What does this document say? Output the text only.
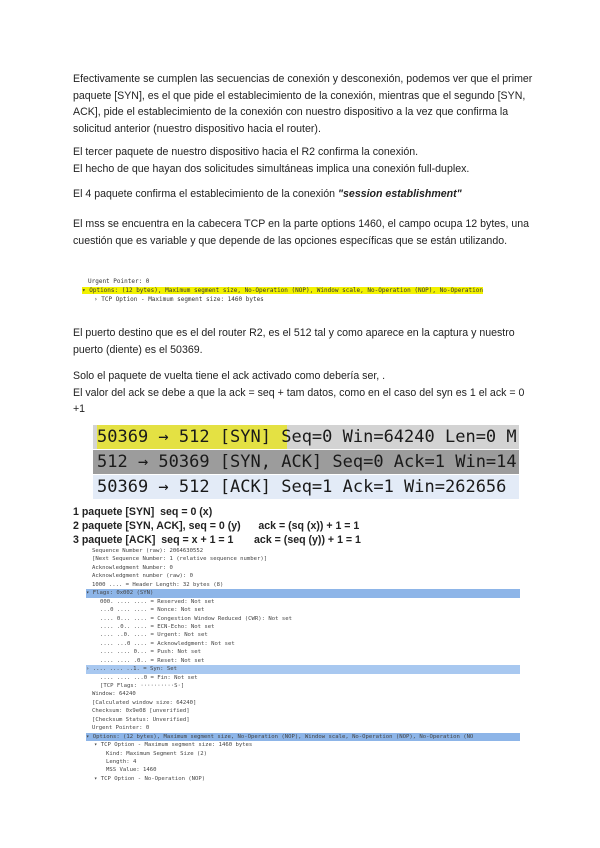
Efectivamente se cumplen las secuencias de conexión y desconexión, podemos ver que el primer paquete [SYN], es el que pide el establecimiento de la conexión, mientras que el segundo [SYN, ACK], pide el establecimiento de la conexión con nuestro dispositivo a la vez que confirma la solicitud anterior (nuestro dispositivo hacia el router).
El tercer paquete de nuestro dispositivo hacia el R2 confirma la conexión.
El hecho de que hayan dos solicitudes simultáneas implica una conexión full-duplex.
El 4 paquete confirma el establecimiento de la conexión "session establishment"
El mss se encuentra en la cabecera TCP en la parte options 1460, el campo ocupa 12 bytes, una cuestión que es variable y que depende de las opciones específicas que se están utilizando.
Urgent Pointer: 0
▾ Options: (12 bytes), Maximum segment size, No-Operation (NOP), Window scale, No-Operation (NOP), No-Operation
› TCP Option - Maximum segment size: 1460 bytes
El puerto destino que es el del router R2, es el 512 tal y como aparece en la captura y nuestro puerto (diente) es el 50369.
Solo el paquete de vuelta tiene el ack activado como debería ser, .
El valor del ack se debe a que la ack = seq + tam datos, como en el caso del syn es 1 el ack = 0 +1
50369 → 512 [SYN] Seq=0 Win=64240 Len=0 M
512 → 50369 [SYN, ACK] Seq=0 Ack=1 Win=14
50369 → 512 [ACK] Seq=1 Ack=1 Win=262656
1 paquete [SYN]  seq = 0 (x)
2 paquete [SYN, ACK], seq = 0 (y)      ack = (sq (x)) + 1 = 1
3 paquete [ACK]  seq = x + 1 = 1       ack = (seq (y)) + 1 = 1
Sequence Number (raw): 2064630552
[Next Sequence Number: 1 (relative sequence number)]
Acknowledgment Number: 0
Acknowledgment number (raw): 0
1000 .... = Header Length: 32 bytes (8)
▾ Flags: 0x002 (SYN)
000. .... .... = Reserved: Not set
...0 .... .... = Nonce: Not set
.... 0... .... = Congestion Window Reduced (CWR): Not set
.... .0.. .... = ECN-Echo: Not set
.... ..0. .... = Urgent: Not set
.... ...0 .... = Acknowledgment: Not set
.... .... 0... = Push: Not set
.... .... .0.. = Reset: Not set
› .... .... ..1. = Syn: Set
.... .... ...0 = Fin: Not set
[TCP Flags: ··········S·]
Window: 64240
[Calculated window size: 64240]
Checksum: 0x9e08 [unverified]
[Checksum Status: Unverified]
Urgent Pointer: 0
▾ Options: (12 bytes), Maximum segment size, No-Operation (NOP), Window scale, No-Operation (NOP), No-Operation (NO
▾ TCP Option - Maximum segment size: 1460 bytes
Kind: Maximum Segment Size (2)
Length: 4
MSS Value: 1460
▾ TCP Option - No-Operation (NOP)
